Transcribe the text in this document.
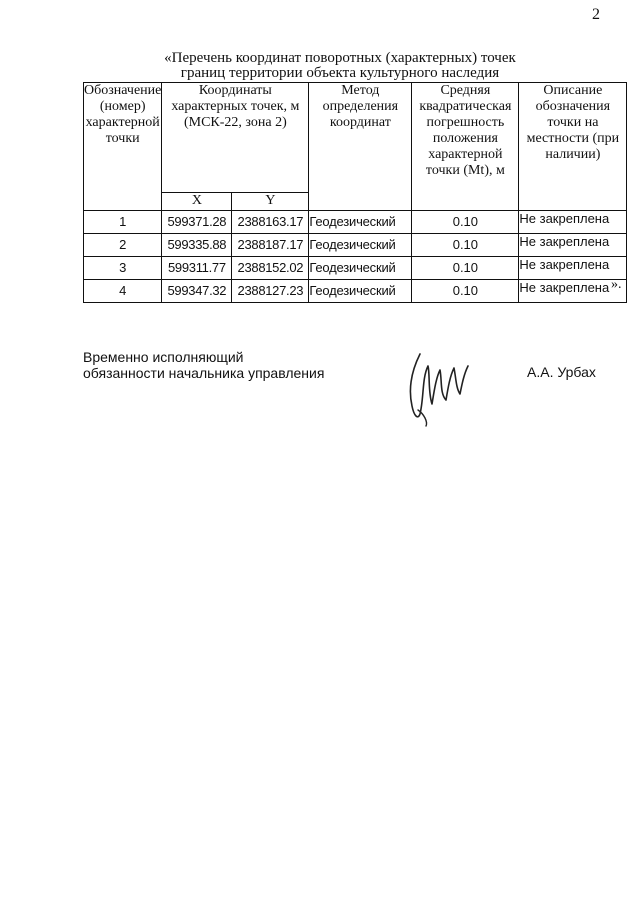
2
«Перечень координат поворотных (характерных) точек
границ территории объекта культурного наследия
Обозначение (номер) характерной точки	Координаты характерных точек, м (МСК-22, зона 2)		Метод определения координат	Средняя квадратическая погрешность положения характерной точки (Mt), м	Описание обозначения точки на местности (при наличии)
	X	Y			
1	599371.28	2388163.17	Геодезический	0.10	Не закреплена
2	599335.88	2388187.17	Геодезический	0.10	Не закреплена
3	599311.77	2388152.02	Геодезический	0.10	Не закреплена
4	599347.32	2388127.23	Геодезический	0.10	Не закреплена ».
Временно исполняющий
обязанности начальника управления	А.А. Урбах
